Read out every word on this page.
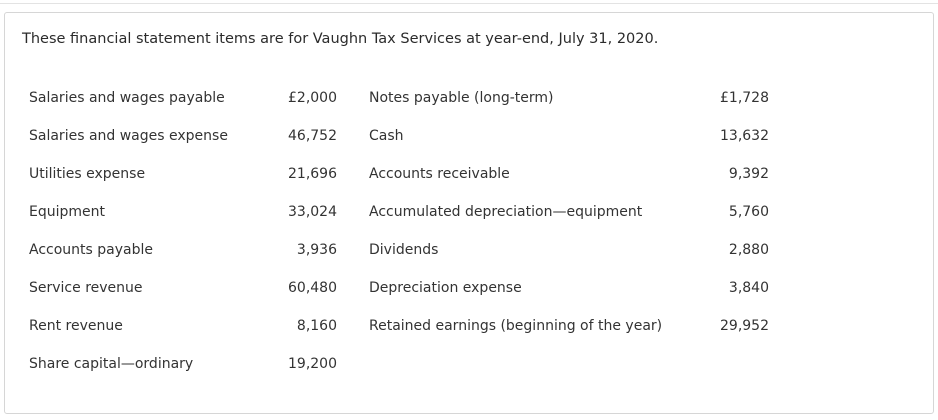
These financial statement items are for Vaughn Tax Services at year-end, July 31, 2020.

Salaries and wages payable	£2,000		Notes payable (long-term)	£1,728
Salaries and wages expense	46,752		Cash	13,632
Utilities expense	21,696		Accounts receivable	9,392
Equipment	33,024		Accumulated depreciation—equipment	5,760
Accounts payable	3,936		Dividends	2,880
Service revenue	60,480		Depreciation expense	3,840
Rent revenue	8,160		Retained earnings (beginning of the year)	29,952
Share capital—ordinary	19,200			
